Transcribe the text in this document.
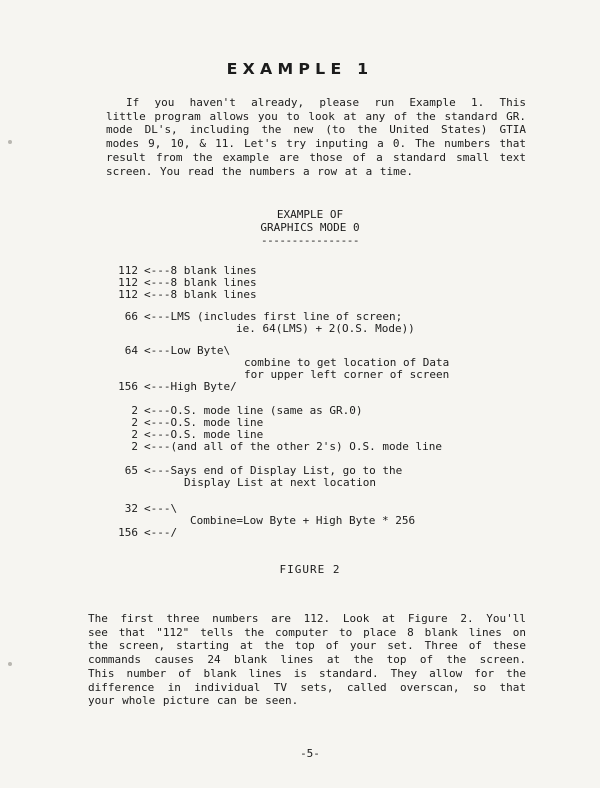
EXAMPLE 1
If you haven't already, please run Example 1. This
little program allows you to look at any of the standard GR.
mode DL's, including the new (to the United States) GTIA
modes 9, 10, & 11. Let's try inputing a 0. The numbers that
result from the example are those of a standard small text
screen. You read the numbers a row at a time.
EXAMPLE OF
GRAPHICS MODE 0
----------------
112 <---8 blank lines
112 <---8 blank lines
112 <---8 blank lines
66 <---LMS (includes first line of screen;
ie. 64(LMS) + 2(O.S. Mode))
64 <---Low Byte\
combine to get location of Data
for upper left corner of screen
156 <---High Byte/
2 <---O.S. mode line (same as GR.0)
2 <---O.S. mode line
2 <---O.S. mode line
2 <---(and all of the other 2's) O.S. mode line
65 <---Says end of Display List, go to the
Display List at next location
32 <---\
Combine=Low Byte + High Byte * 256
156 <---/
FIGURE 2
The first three numbers are 112. Look at Figure 2. You'll
see that "112" tells the computer to place 8 blank lines on
the screen, starting at the top of your set. Three of these
commands causes 24 blank lines at the top of the screen.
This number of blank lines is standard. They allow for the
difference in individual TV sets, called overscan, so that
your whole picture can be seen.
-5-
